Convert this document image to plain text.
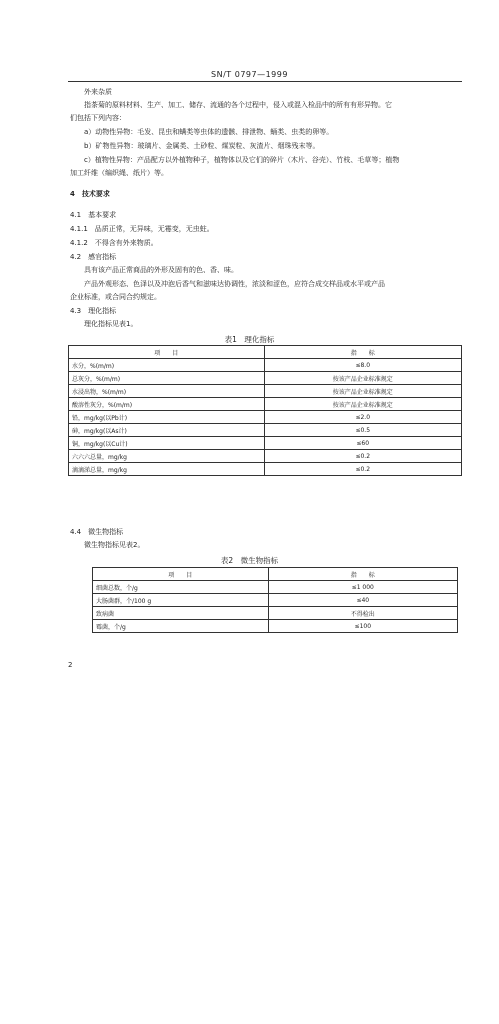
SN/T 0797—1999
外来杂质
指茶菊的原料材料、生产、加工、储存、流通的各个过程中，侵入或混入检品中的所有有形异物。它
们包括下列内容：
a）动物性异物：毛发、昆虫和螨类等虫体的遗骸、排泄物、蛹类、虫类的卵等。
b）矿物性异物：玻璃片、金属类、土砂粒、煤炭粒、灰渣片、烟珠残末等。
c）植物性异物：产品配方以外植物种子，植物体以及它们的碎片（木片、谷壳）、竹枝、毛草等；植物
加工纤维（编织绳、纸片）等。
4　技术要求
4.1　基本要求
4.1.1　品质正常，无异味，无霉变，无虫蛀。
4.1.2　不得含有外来物质。
4.2　感官指标
具有该产品正常商品的外形及固有的色、香、味。
产品外观形态、色泽以及冲泡后香气和滋味达协调性，浓淡和涩色，应符合成交样品或水平或产品
企业标准，或合同合约规定。
4.3　理化指标
理化指标见表1。
表1　理化指标
项　　目	指　　标
水分，%(m/m)	≤8.0
总灰分，%(m/m)	按该产品企业标准规定
水浸出物，%(m/m)	按该产品企业标准规定
酸溶性灰分，%(m/m)	按该产品企业标准规定
铅，mg/kg(以Pb计)	≤2.0
砷，mg/kg(以As计)	≤0.5
铜，mg/kg(以Cu计)	≤60
六六六总量，mg/kg	≤0.2
滴滴涕总量，mg/kg	≤0.2
4.4　微生物指标
微生物指标见表2。
表2　微生物指标
项　　目	指　　标
细菌总数，个/g	≤1 000
大肠菌群，个/100 g	≤40
致病菌	不得检出
霉菌，个/g	≤100
2
